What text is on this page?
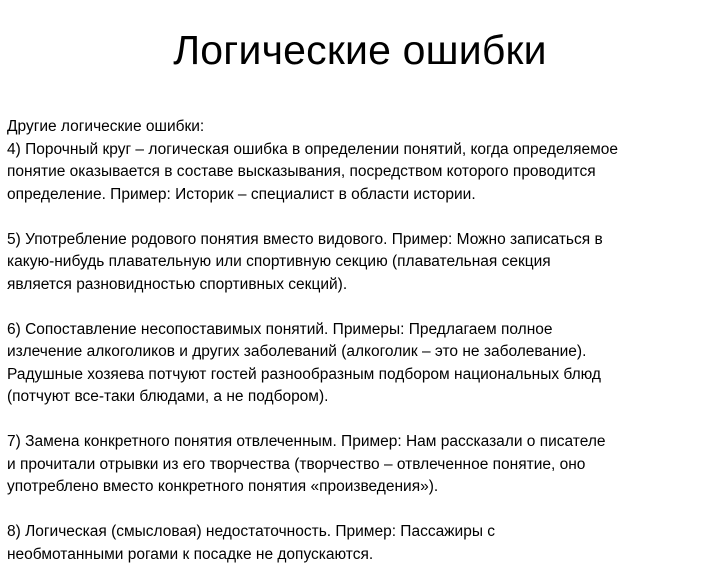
Логические ошибки
Другие логические ошибки:
4) Порочный круг – логическая ошибка в определении понятий, когда определяемое
понятие оказывается в составе высказывания, посредством которого проводится
определение. Пример: Историк – специалист в области истории.
5) Употребление родового понятия вместо видового. Пример: Можно записаться в
какую-нибудь плавательную или спортивную секцию (плавательная секция
является разновидностью спортивных секций).
6) Сопоставление несопоставимых понятий. Примеры: Предлагаем полное
излечение алкоголиков и других заболеваний (алкоголик – это не заболевание).
Радушные хозяева потчуют гостей разнообразным подбором национальных блюд
(потчуют все-таки блюдами, а не подбором).
7) Замена конкретного понятия отвлеченным. Пример: Нам рассказали о писателе
и прочитали отрывки из его творчества (творчество – отвлеченное понятие, оно
употреблено вместо конкретного понятия «произведения»).
8) Логическая (смысловая) недостаточность. Пример: Пассажиры с
необмотанными рогами к посадке не допускаются.
